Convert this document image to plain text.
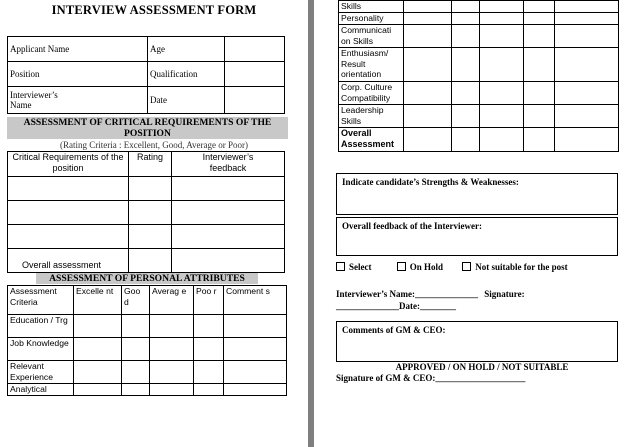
INTERVIEW ASSESSMENT FORM
Applicant Name	Age	
Position	Qualification	
Interviewer’s Name	Date	
ASSESSMENT OF CRITICAL REQUIREMENTS OF THE
POSITION
(Rating Criteria : Excellent, Good, Average or Poor)
Critical Requirements of the position	Rating	Interviewer’s feedback

Overall assessment		
ASSESSMENT OF PERSONAL ATTRIBUTES
Assessment Criteria	Excelle nt	Goo d	Averag e	Poo r	Comment s
Education / Trg					
Job Knowledge					
Relevant Experience					
Analytical					
Skills					
Personality					
Communicati on Skills					
Enthusiasm/ Result orientation					
Corp. Culture Compatibility					
Leadership Skills					
Overall Assessment					
Indicate candidate’s Strengths & Weaknesses:
Overall feedback of the Interviewer:
Select	On Hold	Not suitable for the post
Interviewer’s Name:______________ Signature:
______________Date:________
Comments of GM & CEO:
APPROVED / ON HOLD / NOT SUITABLE
Signature of GM & CEO:____________________
